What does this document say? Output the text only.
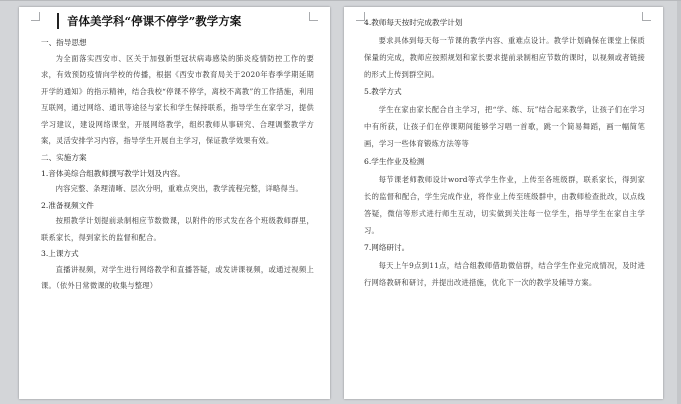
音体美学科“停课不停学”教学方案
一、指导思想
为全面落实西安市、区关于加强新型冠状病毒感染的肺炎疫情防控工作的要求，有效预防疫情向学校的传播，根据《西安市教育局关于2020年春季学期延期开学的通知》的指示精神，结合我校“停课不停学，离校不离教”的工作措施，利用互联网，通过网络、通讯等途径与家长和学生保持联系，指导学生在家学习，提供学习建议，建设网络课堂，开展网络教学，组织教师从事研究、合理调整教学方案，灵活安排学习内容，指导学生开展自主学习，保证教学效果有效。
二、实施方案
1.音体美综合组教师撰写教学计划及内容。
内容完整、条理清晰、层次分明，重难点突出，教学流程完整，详略得当。
2.准备视频文件
按照教学计划提前录制相应节数微课，以附件的形式发在各个班级教师群里，联系家长，得到家长的监督和配合。
3.上课方式
直播讲视频，对学生进行网络教学和直播答疑，或发讲课视频，或通过视频上课。（依外日常微课的收集与整理）
4.教师每天按时完成教学计划
要求具体到每天每一节课的教学内容、重难点设计。教学计划确保在课堂上保质保量的完成，教师应按照规划和家长要求提前录制相应节数的课时，以视频或者链接的形式上传到群空间。
5.教学方式
学生在家由家长配合自主学习，把“学、练、玩”结合起来教学，让孩子们在学习中有所获，让孩子们在停课期间能够学习唱一首歌，跳一个简易舞蹈，画一幅简笔画，学习一些体育锻炼方法等等
6.学生作业及检测
每节课老师教师设计word等式学生作业，上传至各班级群，联系家长，得到家长的监督和配合，学生完成作业，将作业上传至班级群中，由教师检查批改，以点线答疑，微信等形式进行师生互动，切实做到关注每一位学生，指导学生在家自主学习。
7.网络研讨。
每天上午9点到11点，结合组教师借助微信群，结合学生作业完成情况，及时进行网络教研和研讨，并提出改进措施，优化下一次的教学及辅导方案。
